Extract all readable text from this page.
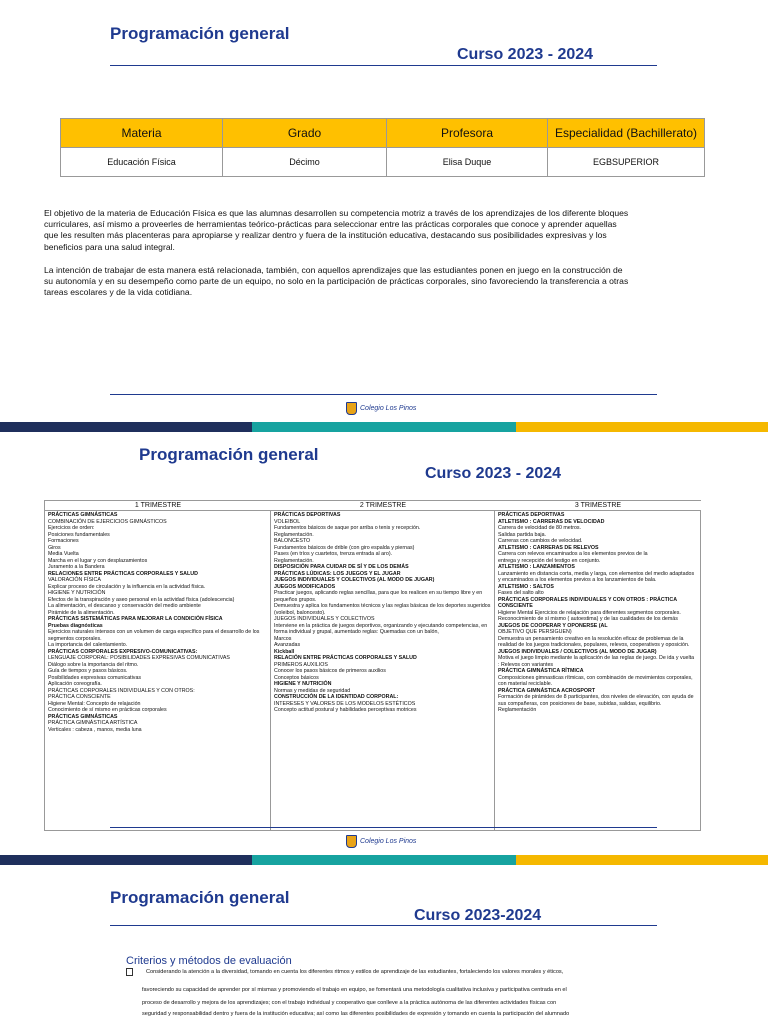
Programación general
Curso 2023 - 2024
Materia	Grado	Profesora	Especialidad (Bachillerato)
Educación Física	Décimo	Elisa Duque	EGBSUPERIOR
El objetivo de la materia de Educación Física es que las alumnas desarrollen su competencia motriz a través de los aprendizajes de los diferente bloques curriculares, así mismo a proveerles de herramientas teórico-prácticas para seleccionar entre las prácticas corporales que conoce y aprender aquellas que les resulten más placenteras para apropiarse y realizar dentro y fuera de la institución educativa, destacando sus posibilidades expresivas y los beneficios para una salud integral.
La intención de trabajar de esta manera está relacionada, también, con aquellos aprendizajes que las estudiantes ponen en juego en la construcción de su autonomía y en su desempeño como parte de un equipo, no solo en la participación de prácticas corporales, sino favoreciendo la transferencia a otras tareas escolares y de la vida cotidiana.
Colegio Los Pinos
Programación general
Curso 2023 - 2024
1 TRIMESTRE
PRÁCTICAS GIMNÁSTICAS
COMBINACIÓN DE EJERCICIOS GIMNÁSTICOS
Ejercicios de orden:
Posiciones fundamentales
Formaciones
Giros
Media Vuelta
Marcha en el lugar y con desplazamientos
Juramento a la Bandera
RELACIONES ENTRE PRÁCTICAS CORPORALES Y SALUD
VALORACIÓN FÍSICA
Explicar proceso de circulación y la influencia en la actividad física.
HIGIENE Y NUTRICIÓN
Efectos de la transpiración y aseo personal en la actividad física (adolescencia)
La alimentación, el descanso y conservación del medio ambiente
Pirámide de la alimentación.
PRÁCTICAS SISTEMÁTICAS PARA MEJORAR LA CONDICIÓN FÍSICA
Pruebas diagnósticas
Ejercicios naturales intensos con un volumen de carga específico para el desarrollo de los segmentos corporales.
La importancia del calentamiento.
PRÁCTICAS CORPORALES EXPRESIVO-COMUNICATIVAS:
LENGUAJE CORPORAL: POSIBILIDADES EXPRESIVAS COMUNICATIVAS
Diálogo sobre la importancia del ritmo.
Guía de tiempos y pasos básicos.
Posibilidades expresivas comunicativas
Aplicación coreografía.
PRÁCTICAS CORPORALES INDIVIDUALES Y CON OTROS:
PRÁCTICA CONSCIENTE
Higiene Mental: Concepto de relajación
Conocimiento de sí mismo en prácticas corporales
PRÁCTICAS GIMNÁSTICAS
PRÁCTICA GIMNÁSTICA ARTÍSTICA
Verticales : cabeza , manos, media luna
2 TRIMESTRE
PRÁCTICAS DEPORTIVAS
VOLEIBOL
Fundamentos básicos de saque por arriba o tenis y recepción.
Reglamentación.
BALONCESTO
Fundamentos básicos de drible (con giro espalda y piernas)
Pases (en tríos y cuartetos, trenza entrada al aro).
Reglamentación.
DISPOSICIÓN PARA CUIDAR DE SÍ Y DE LOS DEMÁS
PRÁCTICAS LÚDICAS: LOS JUEGOS Y EL JUGAR
JUEGOS INDIVIDUALES Y COLECTIVOS (AL MODO DE JUGAR)
JUEGOS MODIFICADOS
Practicar juegos, aplicando reglas sencillas, para que los realicen en su tiempo libre y en pequeños grupos.
Demuestra y aplica los fundamentos técnicos y las reglas básicas de los deportes sugeridos (voleibol, baloncesto).
JUEGOS INDIVIDUALES Y COLECTIVOS
Interviene en la práctica de juegos deportivos, organizando y ejecutando competencias, en forma individual y grupal, aumentado reglas: Quemadas con un balón,
Marcos
Avanzadas
Kickball
RELACIÓN ENTRE PRÁCTICAS CORPORALES Y SALUD
PRIMEROS AUXILIOS
Conocer los pasos básicos de primeros auxilios
Conceptos básicos
HIGIENE Y NUTRICIÓN
Normas y medidas de seguridad
CONSTRUCCIÓN DE LA IDENTIDAD CORPORAL:
INTERESES Y VALORES DE LOS MODELOS ESTÉTICOS
Concepto actitud postural y habilidades perceptivas motrices
3 TRIMESTRE
PRÁCTICAS DEPORTIVAS
ATLETISMO : CARRERAS DE VELOCIDAD
Carrera de velocidad de 80 metros.
Salidas partida baja.
Carreras con cambios de velocidad.
ATLETISMO : CARRERAS DE RELEVOS
Carrera con relevos encaminados a los elementos previos de la
entrega y recepción del testigo en conjunto.
ATLETISMO : LANZAMIENTOS
Lanzamiento en distancia corta, media y larga, con elementos del medio adaptados y encaminados a los elementos previos a los lanzamientos de bala.
ATLETISMO : SALTOS
Fases del salto alto
PRÁCTICAS CORPORALES INDIVIDUALES Y CON OTROS : PRÁCTICA CONSCIENTE
Higiene Mental Ejercicios de relajación para diferentes segmentos corporales. Reconocimiento de sí mismo ( autoestima) y de las cualidades de los demás
JUEGOS DE COOPERAR Y OPONERSE (AL
OBJETIVO QUE PERSIGUEN)
Demuestra un pensamiento creativo en la resolución eficaz de problemas de la realidad de los juegos tradicionales, populares, relevos, cooperativos y oposición.
JUEGOS INDIVIDUALES / COLECTIVOS (AL MODO DE JUGAR)
Motiva el juego limpio mediante la aplicación de las reglas de juego. De ida y vuelta : Relevos con variantes
PRÁCTICA GIMNÁSTICA RÍTMICA
Composiciones gimnasticas rítmicas, con combinación de movimientos corporales, con material reciclable.
PRÁCTICA GIMNÁSTICA ACROSPORT
Formación de pirámides de 8 participantes, dos niveles de elevación, con ayuda de sus compañeras, con posiciones de base, subidas, salidas, equilibrio. Reglamentación
Colegio Los Pinos
Programación general
Curso 2023-2024
Criterios y métodos de evaluación
Considerando la atención a la diversidad, tomando en cuenta los diferentes ritmos y estilos de aprendizaje de las estudiantes, fortaleciendo los valores morales y éticos,
favoreciendo su capacidad de aprender por sí mismas y promoviendo el trabajo en equipo, se fomentará una metodología cualitativa inclusiva y participativa centrada en el
proceso de desarrollo y mejora de los aprendizajes; con el trabajo individual y cooperativo que conlleve a la práctica autónoma de las diferentes actividades físicas con
seguridad y responsabilidad dentro y fuera de la institución educativa; así como las diferentes posibilidades de expresión y tomando en cuenta la participación del alumnado
